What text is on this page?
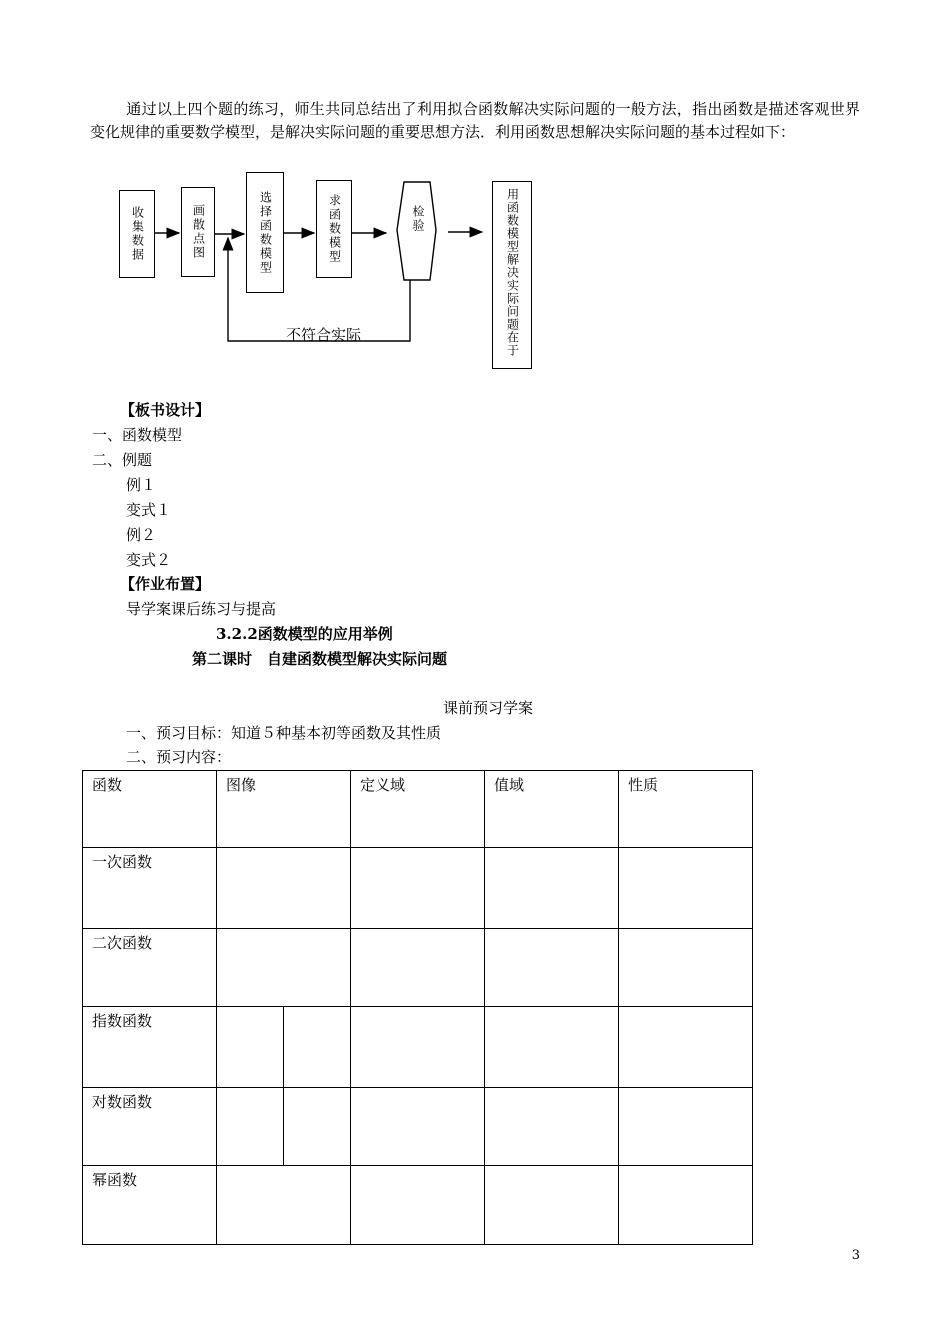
通过以上四个题的练习，师生共同总结出了利用拟合函数解决实际问题的一般方法，指出函数是描述客观世界变化规律的重要数学模型，是解决实际问题的重要思想方法．利用函数思想解决实际问题的基本过程如下：
收集数据	画散点图	选择函数模型	求函数模型	用函数模型解决实际问题在于
检验
不符合实际
【板书设计】
一、函数模型
二、例题
例１
变式１
例２
变式２
【作业布置】
导学案课后练习与提高
3.2.2函数模型的应用举例
第二课时　自建函数模型解决实际问题
课前预习学案
一、预习目标：知道５种基本初等函数及其性质
二、预习内容：
函数	图像		定义域	值域	性质
一次函数					
二次函数					
指数函数					
对数函数					
幂函数					
3
